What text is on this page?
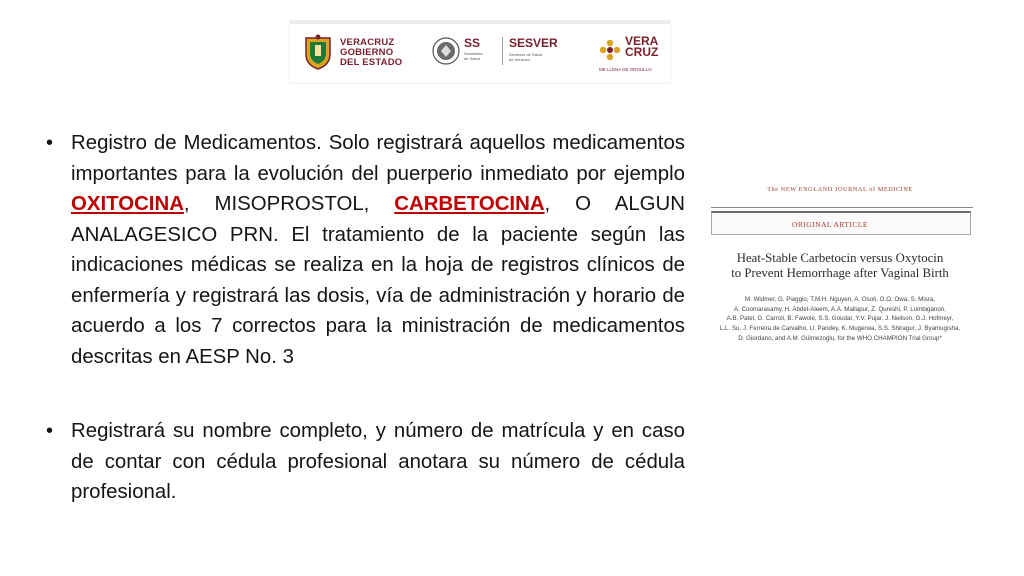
VERACRUZ
GOBIERNO
DEL ESTADO
SS
Secretaría
de Salud
SESVER
Servicios de Salud
de Veracruz
VERA
CRUZ
ME LLENA DE ORGULLO
• Registro de Medicamentos. Solo registrará aquellos medicamentos importantes para la evolución del puerperio inmediato por ejemplo OXITOCINA, MISOPROSTOL, CARBETOCINA, O ALGUN ANALAGESICO PRN. El tratamiento de la paciente según las indicaciones médicas se realiza en la hoja de registros clínicos de enfermería y registrará las dosis, vía de administración y horario de acuerdo a los 7 correctos para la ministración de medicamentos descritas en AESP No. 3
• Registrará su nombre completo, y número de matrícula y en caso de contar con cédula profesional anotara su número de cédula profesional.
The NEW ENGLAND JOURNAL of MEDICINE
ORIGINAL ARTICLE
Heat-Stable Carbetocin versus Oxytocin
to Prevent Hemorrhage after Vaginal Birth
M. Widmer, G. Piaggio, T.M.H. Nguyen, A. Osoti, O.O. Owa, S. Misra,
A. Coomarasamy, H. Abdel-Aleem, A.A. Mallapur, Z. Qureshi, P. Lumbiganon,
A.B. Patel, G. Carroli, B. Fawole, S.S. Goudar, Y.V. Pujar, J. Neilson, G.J. Hofmeyr,
L.L. Su, J. Ferreira de Carvalho, U. Pandey, K. Mugerwa, S.S. Shiragur, J. Byamugisha,
D. Giordano, and A.M. Gülmezoglu, for the WHO CHAMPION Trial Group*
